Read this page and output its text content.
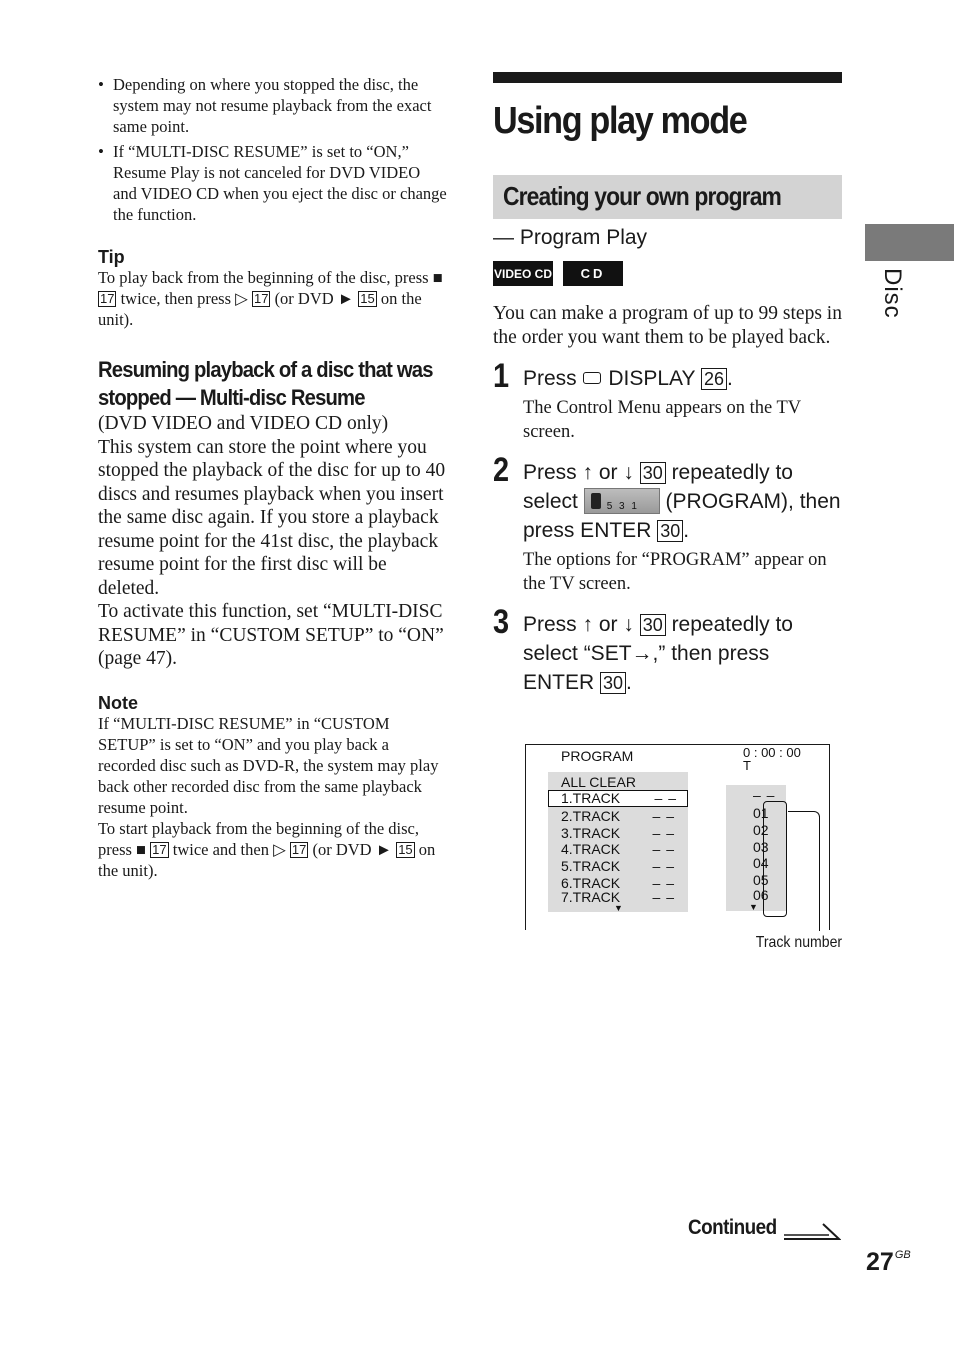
• Depending on where you stopped the disc, the system may not resume playback from the exact same point.
• If “MULTI-DISC RESUME” is set to “ON,” Resume Play is not canceled for DVD VIDEO and VIDEO CD when you eject the disc or change the function.
Tip
To play back from the beginning of the disc, press ■ 17 twice, then press ▷ 17 (or DVD ► 15 on the unit).
Resuming playback of a disc that was stopped — Multi-disc Resume
(DVD VIDEO and VIDEO CD only)
This system can store the point where you stopped the playback of the disc for up to 40 discs and resumes playback when you insert the same disc again. If you store a playback resume point for the 41st disc, the playback resume point for the first disc will be deleted.
To activate this function, set “MULTI-DISC RESUME” in “CUSTOM SETUP” to “ON” (page 47).
Note
If “MULTI-DISC RESUME” in “CUSTOM SETUP” is set to “ON” and you play back a recorded disc such as DVD-R, the system may play back other recorded disc from the same playback resume point.
To start playback from the beginning of the disc, press ■ 17 twice and then ▷ 17 (or DVD ► 15 on the unit).
Using play mode
Creating your own program
— Program Play
VIDEO CD	CD
You can make a program of up to 99 steps in the order you want them to be played back.
1 Press  DISPLAY 26 .
The Control Menu appears on the TV screen.
2 Press ↑ or ↓ 30 repeatedly to select 5 3 1	(PROGRAM), then press ENTER 30 .
The options for “PROGRAM” appear on the TV screen.
3 Press ↑ or ↓ 30 repeatedly to select “SET→,” then press ENTER 30 .
PROGRAM	0 : 00 : 00
T
ALL CLEAR
1.TRACK – –
2.TRACK – –
3.TRACK – –
4.TRACK – –
5.TRACK – –
6.TRACK – –
7.TRACK – –
▼
– –
01
02
03
04
05
06
▼
Track number
Disc
Continued
$27^{GB}$
